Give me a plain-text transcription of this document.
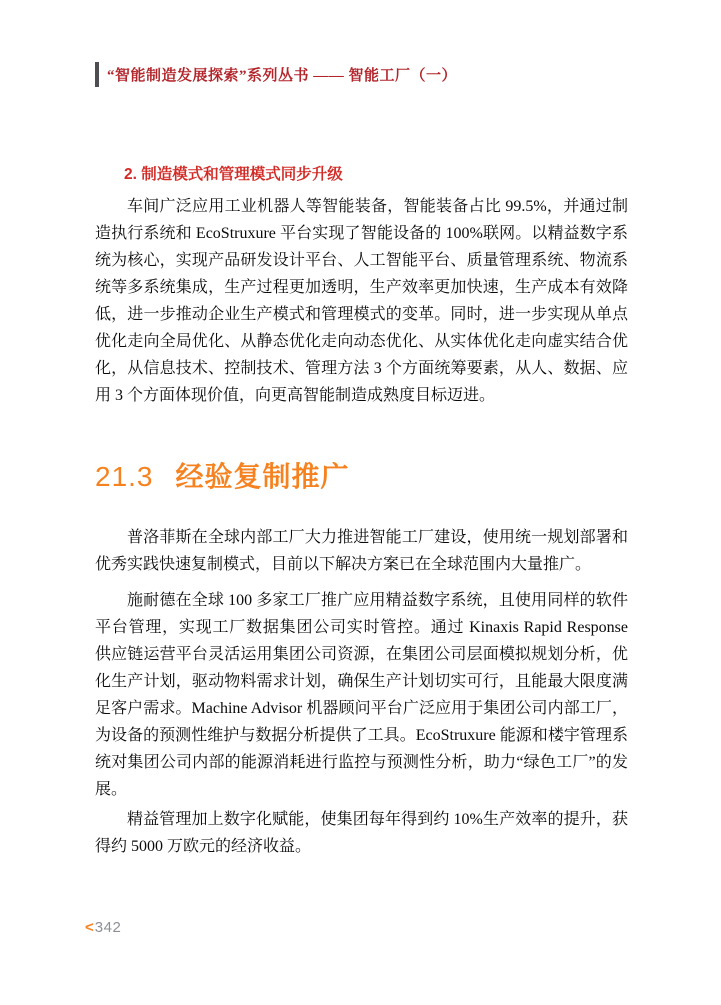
“智能制造发展探索”系列丛书 —— 智能工厂（一）
2. 制造模式和管理模式同步升级

车间广泛应用工业机器人等智能装备，智能装备占比 99.5%，并通过制造执行系统和 EcoStruxure 平台实现了智能设备的 100%联网。以精益数字系统为核心，实现产品研发设计平台、人工智能平台、质量管理系统、物流系统等多系统集成，生产过程更加透明，生产效率更加快速，生产成本有效降低，进一步推动企业生产模式和管理模式的变革。同时，进一步实现从单点优化走向全局优化、从静态优化走向动态优化、从实体优化走向虚实结合优化，从信息技术、控制技术、管理方法 3 个方面统筹要素，从人、数据、应用 3 个方面体现价值，向更高智能制造成熟度目标迈进。

21.3 经验复制推广

普洛菲斯在全球内部工厂大力推进智能工厂建设，使用统一规划部署和优秀实践快速复制模式，目前以下解决方案已在全球范围内大量推广。

施耐德在全球 100 多家工厂推广应用精益数字系统，且使用同样的软件平台管理，实现工厂数据集团公司实时管控。通过 Kinaxis Rapid Response 供应链运营平台灵活运用集团公司资源，在集团公司层面模拟规划分析，优化生产计划，驱动物料需求计划，确保生产计划切实可行，且能最大限度满足客户需求。Machine Advisor 机器顾问平台广泛应用于集团公司内部工厂，为设备的预测性维护与数据分析提供了工具。EcoStruxure 能源和楼宇管理系统对集团公司内部的能源消耗进行监控与预测性分析，助力“绿色工厂”的发展。

精益管理加上数字化赋能，使集团每年得到约 10%生产效率的提升，获得约 5000 万欧元的经济收益。

< 342
